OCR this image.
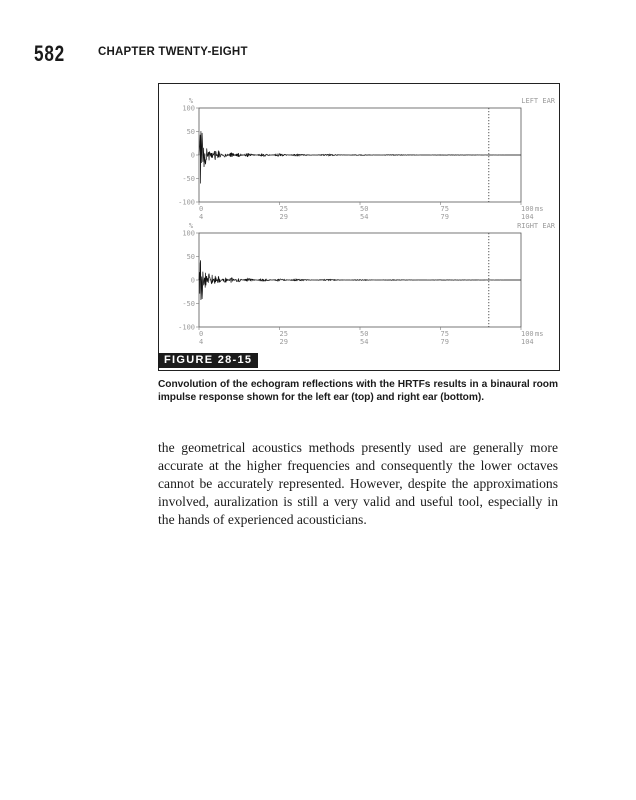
582	CHAPTER TWENTY-EIGHT
100
50
0
-50
-100
%
0
4
25
29
50
54
75
79
100
104
ms
LEFT EAR
100
50
0
-50
-100
%
0
4
25
29
50
54
75
79
100
104
ms
RIGHT EAR
FIGURE 28-15
Convolution of the echogram reflections with the HRTFs results in a binaural room impulse response shown for the left ear (top) and right ear (bottom).
the geometrical acoustics methods presently used are generally more accurate at the higher frequencies and consequently the lower octaves cannot be accurately represented. However, despite the approximations involved, auralization is still a very valid and useful tool, especially in the hands of experienced acousticians.
